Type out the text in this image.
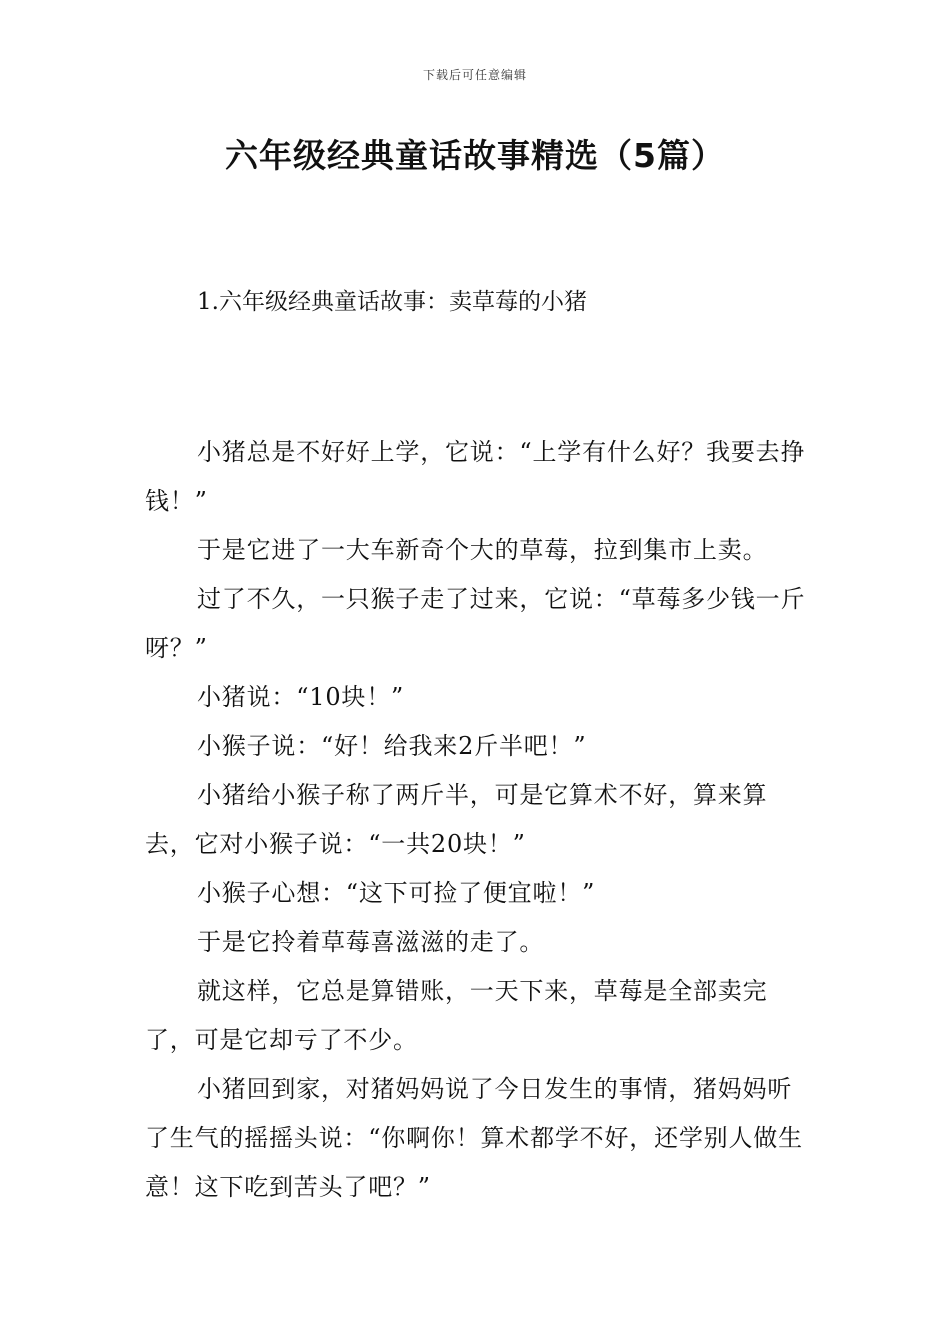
下载后可任意编辑
六年级经典童话故事精选（5篇）
1.六年级经典童话故事：卖草莓的小猪

小猪总是不好好上学，它说：“上学有什么好？我要去挣钱！”

于是它进了一大车新奇个大的草莓，拉到集市上卖。

过了不久，一只猴子走了过来，它说：“草莓多少钱一斤呀？”

小猪说：“10块！”

小猴子说：“好！给我来2斤半吧！”

小猪给小猴子称了两斤半，可是它算术不好，算来算去，它对小猴子说：“一共20块！”

小猴子心想：“这下可捡了便宜啦！”

于是它拎着草莓喜滋滋的走了。

就这样，它总是算错账，一天下来，草莓是全部卖完了，可是它却亏了不少。

小猪回到家，对猪妈妈说了今日发生的事情，猪妈妈听了生气的摇摇头说：“你啊你！算术都学不好，还学别人做生意！这下吃到苦头了吧？”
